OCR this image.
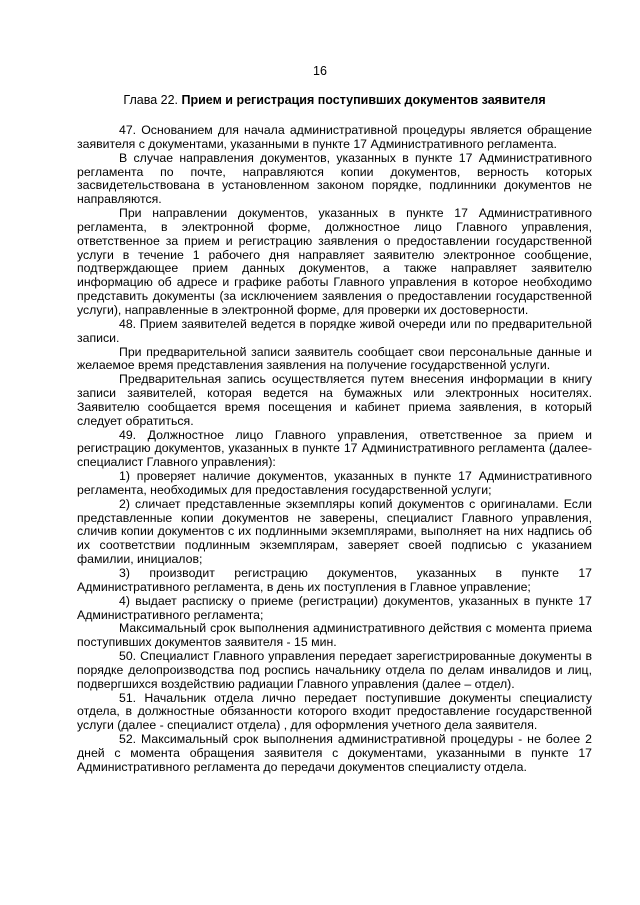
16
Глава 22. Прием и регистрация поступивших документов заявителя

47. Основанием для начала административной процедуры является обращение заявителя с документами, указанными в пункте 17 Административного регламента.

В случае направления документов, указанных в пункте 17 Административного регламента по почте, направляются копии документов, верность которых засвидетельствована в установленном законом порядке, подлинники документов не направляются.

При направлении документов, указанных в пункте 17 Административного регламента, в электронной форме, должностное лицо Главного управления, ответственное за прием и регистрацию заявления о предоставлении государственной услуги в течение 1 рабочего дня направляет заявителю электронное сообщение, подтверждающее прием данных документов, а также направляет заявителю информацию об адресе и графике работы Главного управления в которое необходимо представить документы (за исключением заявления о предоставлении государственной услуги), направленные в электронной форме, для проверки их достоверности.

48. Прием заявителей ведется в порядке живой очереди или по предварительной записи.

При предварительной записи заявитель сообщает свои персональные данные и желаемое время представления заявления на получение государственной услуги.

Предварительная запись осуществляется путем внесения информации в книгу записи заявителей, которая ведется на бумажных или электронных носителях. Заявителю сообщается время посещения и кабинет приема заявления, в который следует обратиться.

49. Должностное лицо Главного управления, ответственное за прием и регистрацию документов, указанных в пункте 17 Административного регламента (далее- специалист Главного управления):

1) проверяет наличие документов, указанных в пункте 17 Административного регламента, необходимых для предоставления государственной услуги;

2) сличает представленные экземпляры копий документов с оригиналами. Если представленные копии документов не заверены, специалист Главного управления, сличив копии документов с их подлинными экземплярами, выполняет на них надпись об их соответствии подлинным экземплярам, заверяет своей подписью с указанием фамилии, инициалов;

3) производит регистрацию документов, указанных в пункте 17 Административного регламента, в день их поступления в Главное управление;

4) выдает расписку о приеме (регистрации) документов, указанных в пункте 17 Административного регламента;

Максимальный срок выполнения административного действия с момента приема поступивших документов заявителя - 15 мин.

50. Специалист Главного управления передает зарегистрированные документы в порядке делопроизводства под роспись начальнику отдела по делам инвалидов и лиц, подвергшихся воздействию радиации Главного управления (далее – отдел).

51. Начальник отдела лично передает поступившие документы специалисту отдела, в должностные обязанности которого входит предоставление государственной услуги (далее - специалист отдела) , для оформления учетного дела заявителя.

52. Максимальный срок выполнения административной процедуры - не более 2 дней с момента обращения заявителя с документами, указанными в пункте 17 Административного регламента до передачи документов специалисту отдела.
